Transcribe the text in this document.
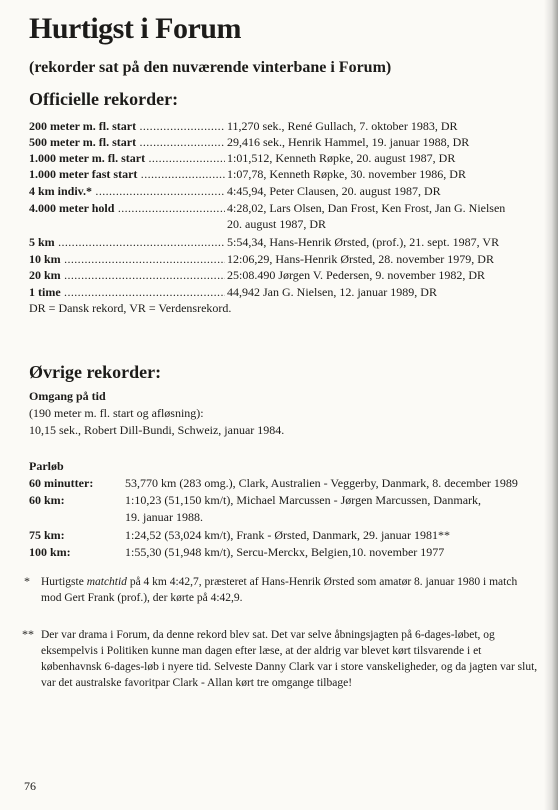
Hurtigst i Forum
(rekorder sat på den nuværende vinterbane i Forum)
Officielle rekorder:
200 meter m. fl. start .....	11,270 sek., René Gullach, 7. oktober 1983, DR
500 meter m. fl. start .....	29,416 sek., Henrik Hammel, 19. januar 1988, DR
1.000 meter m. fl. start .....	1:01,512, Kenneth Røpke, 20. august 1987, DR
1.000 meter fast start .....	1:07,78, Kenneth Røpke, 30. november 1986, DR
4 km indiv.* .....	4:45,94, Peter Clausen, 20. august 1987, DR
4.000 meter hold .....	4:28,02, Lars Olsen, Dan Frost, Ken Frost, Jan G. Nielsen
20. august 1987, DR
5 km .....	5:54,34, Hans-Henrik Ørsted, (prof.), 21. sept. 1987, VR
10 km .....	12:06,29, Hans-Henrik Ørsted, 28. november 1979, DR
20 km .....	25:08.490 Jørgen V. Pedersen, 9. november 1982, DR
1 time .....	44,942 Jan G. Nielsen, 12. januar 1989, DR
DR = Dansk rekord, VR = Verdensrekord.
Øvrige rekorder:
Omgang på tid
(190 meter m. fl. start og afløsning):
10,15 sek., Robert Dill-Bundi, Schweiz, januar 1984.
Parløb
60 minutter:	53,770 km (283 omg.), Clark, Australien - Veggerby, Danmark, 8. december 1989
60 km:	1:10,23 (51,150 km/t), Michael Marcussen - Jørgen Marcussen, Danmark,
19. januar 1988.
75 km:	1:24,52 (53,024 km/t), Frank - Ørsted, Danmark, 29. januar 1981**
100 km:	1:55,30 (51,948 km/t), Sercu-Merckx, Belgien,10. november 1977
* Hurtigste matchtid på 4 km 4:42,7, præsteret af Hans-Henrik Ørsted som amatør 8. januar 1980 i match mod Gert Frank (prof.), der kørte på 4:42,9.

** Der var drama i Forum, da denne rekord blev sat. Det var selve åbningsjagten på 6-dages-løbet, og eksempelvis i Politiken kunne man dagen efter læse, at der aldrig var blevet kørt tilsvarende i et københavnsk 6-dages-løb i nyere tid. Selveste Danny Clark var i store vanskeligheder, og da jagten var slut, var det australske favoritpar Clark - Allan kørt tre omgange tilbage!

76
